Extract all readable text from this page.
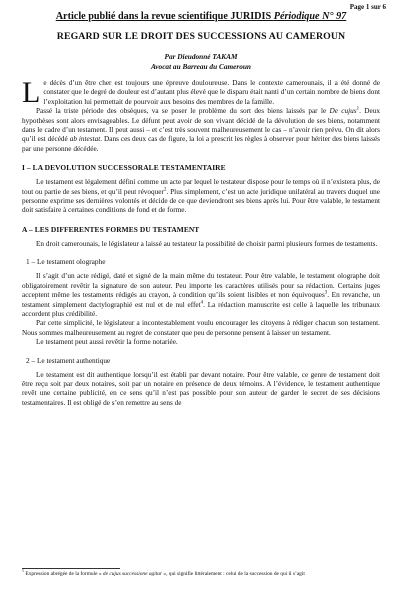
Page 1 sur 6
Article publié dans la revue scientifique JURIDIS Périodique N° 97
REGARD SUR LE DROIT DES SUCCESSIONS AU CAMEROUN
Par Dieudonné TAKAM
Avocat au Barreau du Cameroun

Le décès d’un être cher est toujours une épreuve douloureuse. Dans le contexte camerounais, il a été donné de constater que le degré de douleur est d’autant plus élevé que le disparu était nanti d’un certain nombre de biens dont l’exploitation lui permettait de pourvoir aux besoins des membres de la famille.

Passé la triste période des obsèques, va se poser le problème du sort des biens laissés par le De cujus$^1$. Deux hypothèses sont alors envisageables. Le défunt peut avoir de son vivant décidé de la dévolution de ses biens, notamment dans le cadre d’un testament. Il peut aussi – et c’est très souvent malheureusement le cas – n’avoir rien prévu. On dit alors qu’il est décédé ab intestat. Dans ces deux cas de figure, la loi a prescrit les règles à observer pour hériter des biens laissés par une personne décédée.

I – LA DEVOLUTION SUCCESSORALE TESTAMENTAIRE

Le testament est légalement défini comme un acte par lequel le testateur dispose pour le temps où il n’existera plus, de tout ou partie de ses biens, et qu’il peut révoquer$^2$. Plus simplement, c’est un acte juridique unilatéral au travers duquel une personne exprime ses dernières volontés et décide de ce que deviendront ses biens après lui. Pour être valable, le testament doit satisfaire à certaines conditions de fond et de forme.

A – LES DIFFERENTES FORMES DU TESTAMENT

En droit camerounais, le législateur a laissé au testateur la possibilité de choisir parmi plusieurs formes de testaments.

1 – Le testament olographe

Il s’agit d’un acte rédigé, daté et signé de la main même du testateur. Pour être valable, le testament olographe doit obligatoirement revêtir la signature de son auteur. Peu importe les caractères utilisés pour sa rédaction. Certains juges acceptent même les testaments rédigés au crayon, à condition qu’ils soient lisibles et non équivoques$^3$. En revanche, un testament simplement dactylographié est nul et de nul effet$^4$. La rédaction manuscrite est celle à laquelle les tribunaux accordent plus crédibilité.

Par cette simplicité, le législateur a incontestablement voulu encourager les citoyens à rédiger chacun son testament. Nous sommes malheureusement au regret de constater que peu de personne pensent à laisser un testament.

Le testament peut aussi revêtir la forme notariée.

2 – Le testament authentique

Le testament est dit authentique lorsqu’il est établi par devant notaire. Pour être valable, ce genre de testament doit être reçu soit par deux notaires, soit par un notaire en présence de deux témoins. A l’évidence, le testament authentique revêt une certaine publicité, en ce sens qu’il n’est pas possible pour son auteur de garder le secret de ses décisions testamentaires. Il est obligé de s’en remettre au sens de

$^1$ Expression abrégée de la formule « de cujus successione agitur », qui signifie littéralement : celui de la succession de qui il s’agit
